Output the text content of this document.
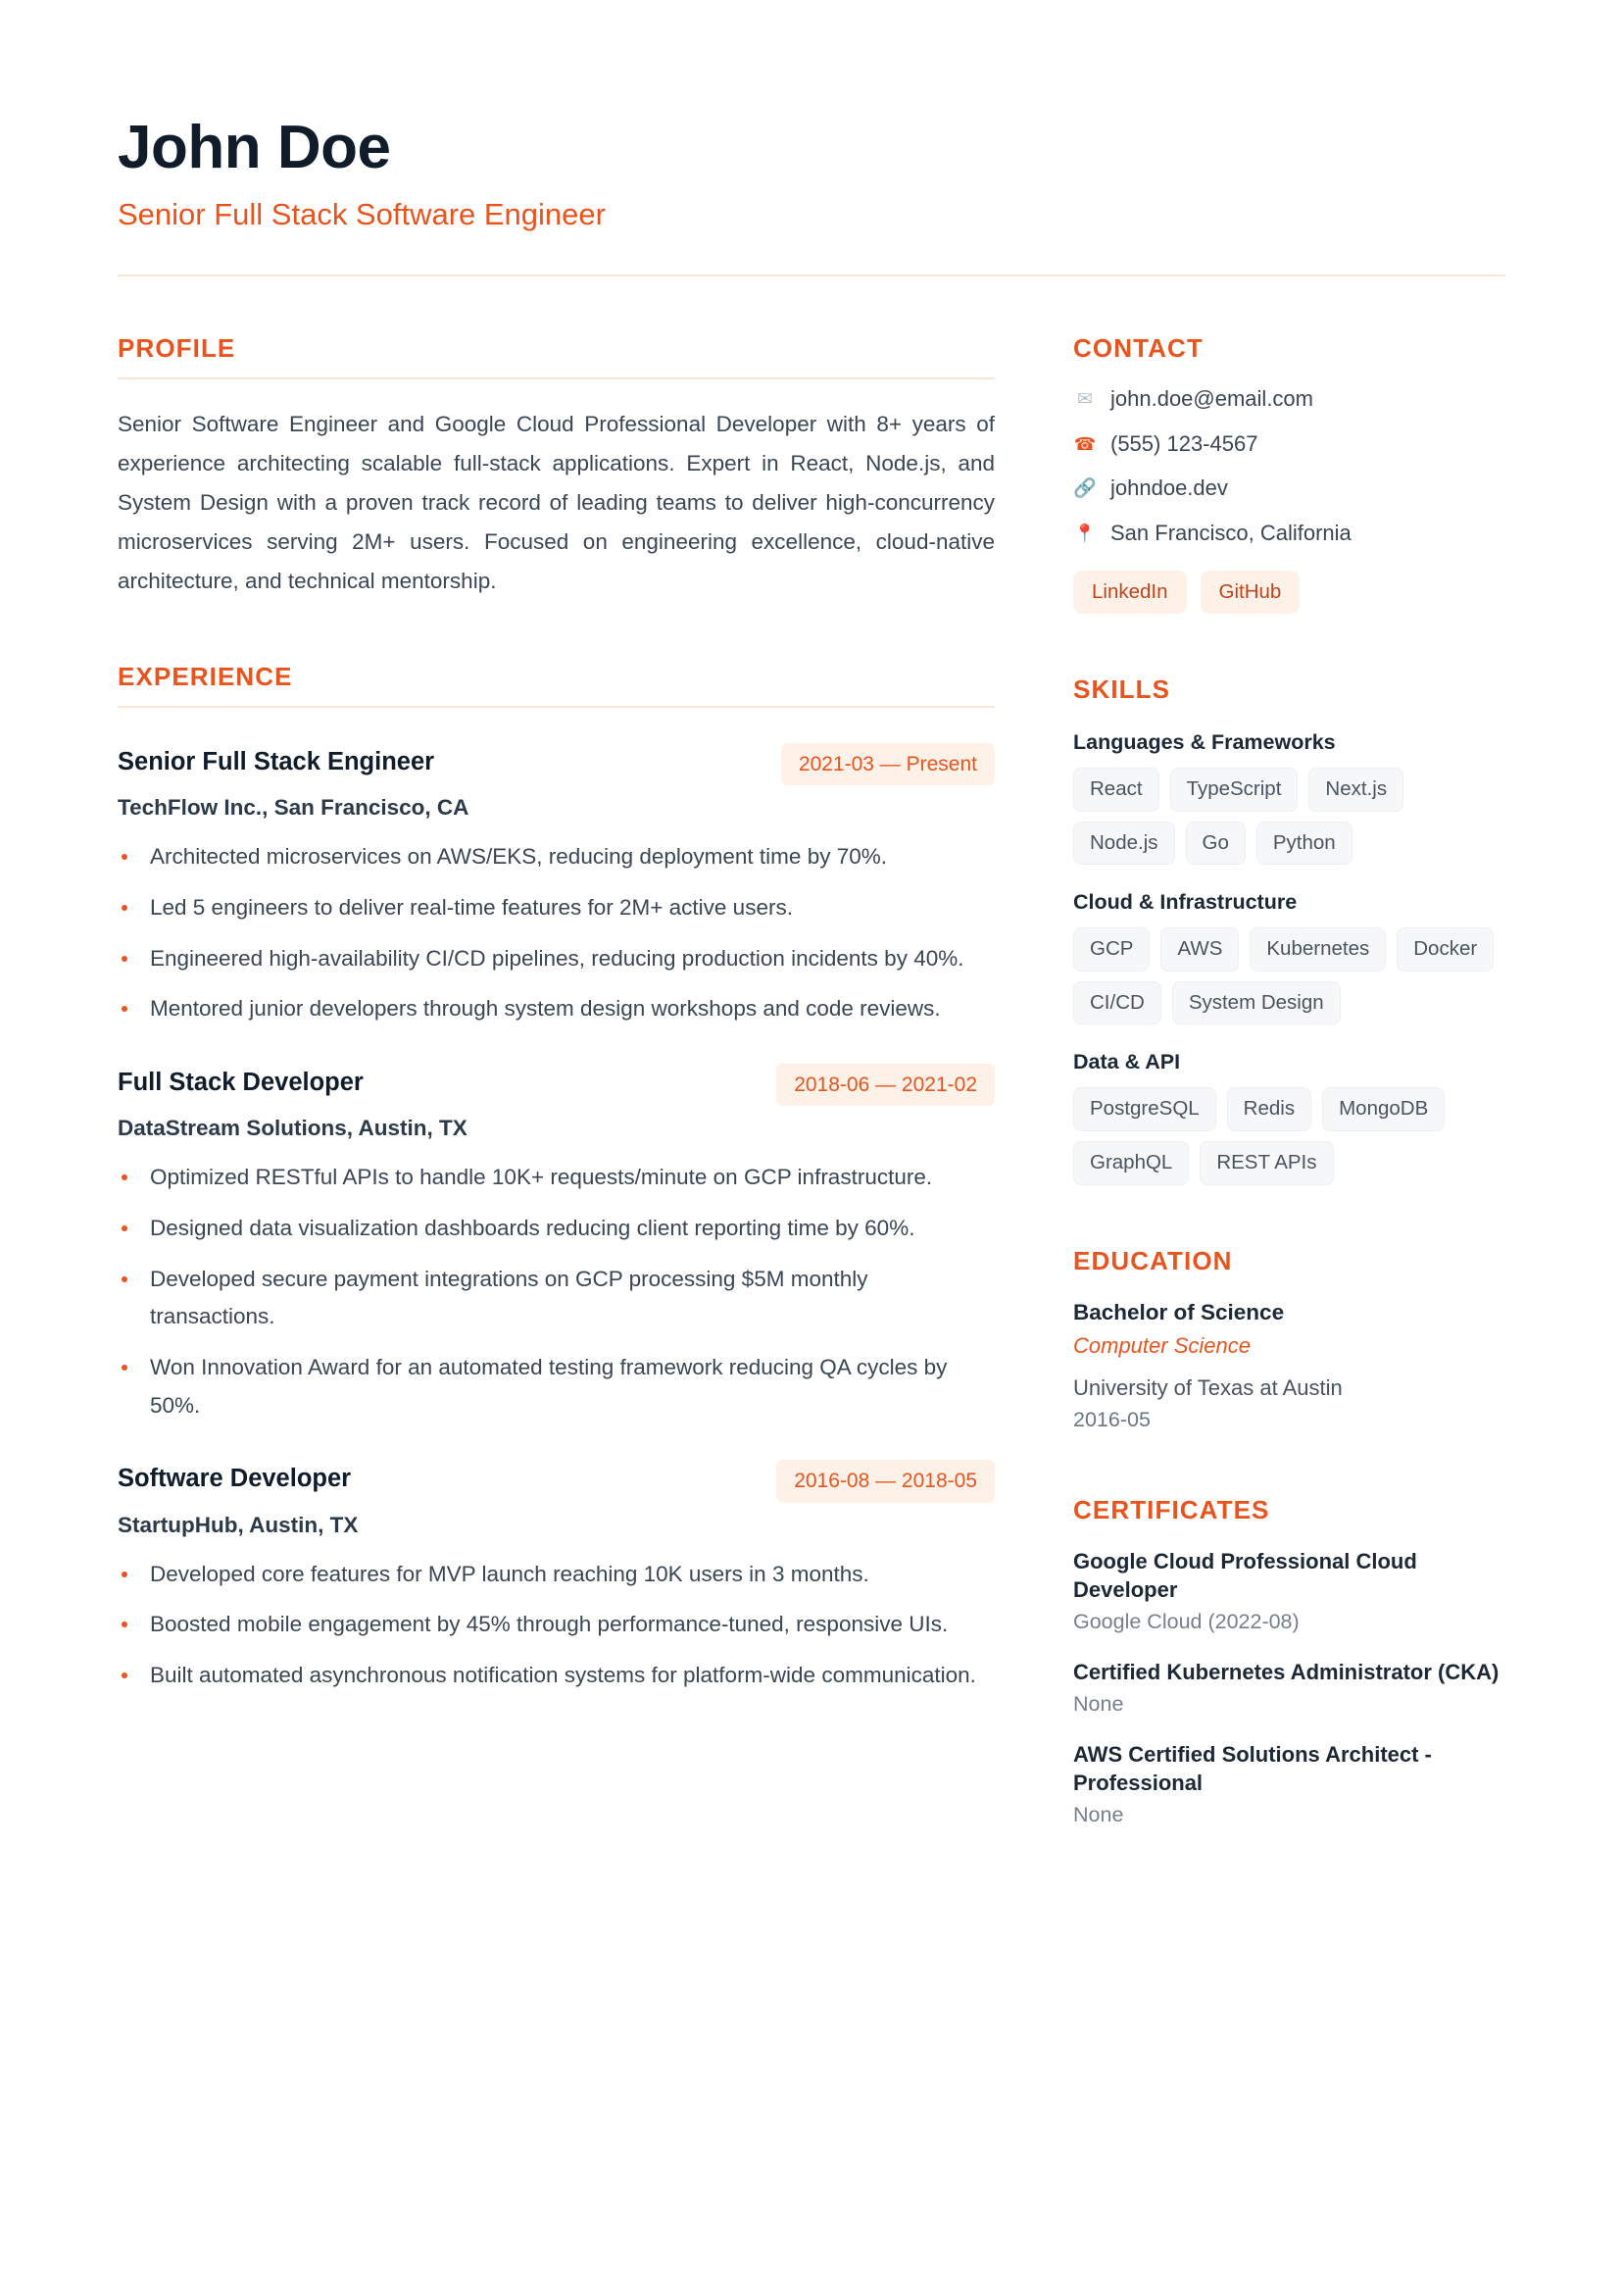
John Doe
Senior Full Stack Software Engineer
PROFILE

Senior Software Engineer and Google Cloud Professional Developer with 8+ years of experience architecting scalable full-stack applications. Expert in React, Node.js, and System Design with a proven track record of leading teams to deliver high-concurrency microservices serving 2M+ users. Focused on engineering excellence, cloud-native architecture, and technical mentorship.

EXPERIENCE
Senior Full Stack Engineer	2021-03 — Present
TechFlow Inc., San Francisco, CA
Architected microservices on AWS/EKS, reducing deployment time by 70%.
Led 5 engineers to deliver real-time features for 2M+ active users.
Engineered high-availability CI/CD pipelines, reducing production incidents by 40%.
Mentored junior developers through system design workshops and code reviews.
Full Stack Developer	2018-06 — 2021-02
DataStream Solutions, Austin, TX
Optimized RESTful APIs to handle 10K+ requests/minute on GCP infrastructure.
Designed data visualization dashboards reducing client reporting time by 60%.
Developed secure payment integrations on GCP processing $5M monthly transactions.
Won Innovation Award for an automated testing framework reducing QA cycles by 50%.
Software Developer	2016-08 — 2018-05
StartupHub, Austin, TX
Developed core features for MVP launch reaching 10K users in 3 months.
Boosted mobile engagement by 45% through performance-tuned, responsive UIs.
Built automated asynchronous notification systems for platform-wide communication.
CONTACT
✉ john.doe@email.com
☎ (555) 123-4567
🔗 johndoe.dev
📍 San Francisco, California
LinkedIn	GitHub
SKILLS
Languages & Frameworks
React	TypeScript	Next.js
Node.js	Go	Python
Cloud & Infrastructure
GCP	AWS	Kubernetes	Docker
CI/CD	System Design
Data & API
PostgreSQL	Redis	MongoDB
GraphQL	REST APIs
EDUCATION
Bachelor of Science
Computer Science
University of Texas at Austin
2016-05
CERTIFICATES
Google Cloud Professional Cloud Developer
Google Cloud (2022-08)
Certified Kubernetes Administrator (CKA)
None
AWS Certified Solutions Architect - Professional
None
